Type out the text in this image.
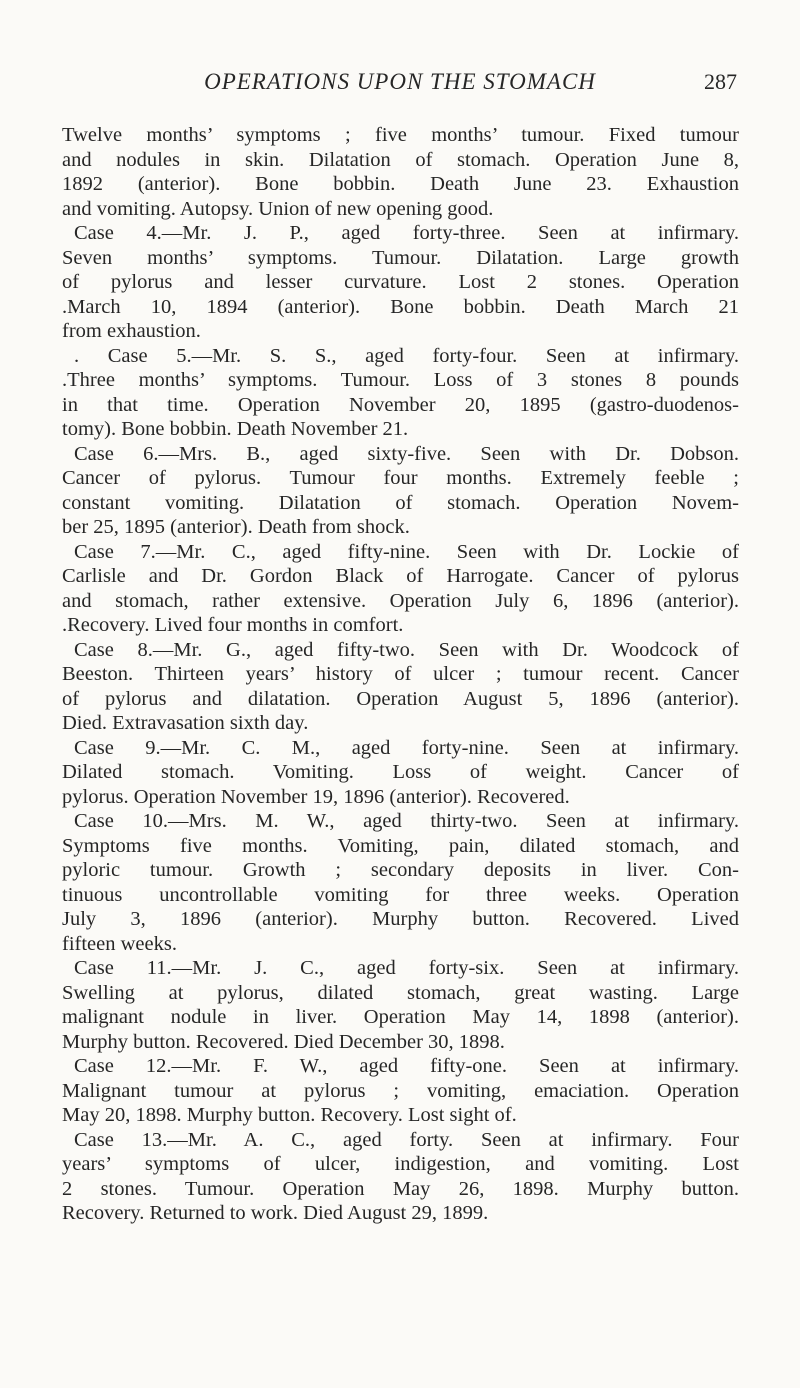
OPERATIONS UPON THE STOMACH	287
Twelve months’ symptoms ; five months’ tumour. Fixed tumour
and nodules in skin. Dilatation of stomach. Operation June 8,
1892 (anterior). Bone bobbin. Death June 23. Exhaustion
and vomiting. Autopsy. Union of new opening good.
Case 4.—Mr. J. P., aged forty-three. Seen at infirmary.
Seven months’ symptoms. Tumour. Dilatation. Large growth
of pylorus and lesser curvature. Lost 2 stones. Operation
.March 10, 1894 (anterior). Bone bobbin. Death March 21
from exhaustion.
. Case 5.—Mr. S. S., aged forty-four. Seen at infirmary.
.Three months’ symptoms. Tumour. Loss of 3 stones 8 pounds
in that time. Operation November 20, 1895 (gastro-duodenos-
tomy). Bone bobbin. Death November 21.
Case 6.—Mrs. B., aged sixty-five. Seen with Dr. Dobson.
Cancer of pylorus. Tumour four months. Extremely feeble ;
constant vomiting. Dilatation of stomach. Operation Novem-
ber 25, 1895 (anterior). Death from shock.
Case 7.—Mr. C., aged fifty-nine. Seen with Dr. Lockie of
Carlisle and Dr. Gordon Black of Harrogate. Cancer of pylorus
and stomach, rather extensive. Operation July 6, 1896 (anterior).
.Recovery. Lived four months in comfort.
Case 8.—Mr. G., aged fifty-two. Seen with Dr. Woodcock of
Beeston. Thirteen years’ history of ulcer ; tumour recent. Cancer
of pylorus and dilatation. Operation August 5, 1896 (anterior).
Died. Extravasation sixth day.
Case 9.—Mr. C. M., aged forty-nine. Seen at infirmary.
Dilated stomach. Vomiting. Loss of weight. Cancer of
pylorus. Operation November 19, 1896 (anterior). Recovered.
Case 10.—Mrs. M. W., aged thirty-two. Seen at infirmary.
Symptoms five months. Vomiting, pain, dilated stomach, and
pyloric tumour. Growth ; secondary deposits in liver. Con-
tinuous uncontrollable vomiting for three weeks. Operation
July 3, 1896 (anterior). Murphy button. Recovered. Lived
fifteen weeks.
Case 11.—Mr. J. C., aged forty-six. Seen at infirmary.
Swelling at pylorus, dilated stomach, great wasting. Large
malignant nodule in liver. Operation May 14, 1898 (anterior).
Murphy button. Recovered. Died December 30, 1898.
Case 12.—Mr. F. W., aged fifty-one. Seen at infirmary.
Malignant tumour at pylorus ; vomiting, emaciation. Operation
May 20, 1898. Murphy button. Recovery. Lost sight of.
Case 13.—Mr. A. C., aged forty. Seen at infirmary. Four
years’ symptoms of ulcer, indigestion, and vomiting. Lost
2 stones. Tumour. Operation May 26, 1898. Murphy button.
Recovery. Returned to work. Died August 29, 1899.
